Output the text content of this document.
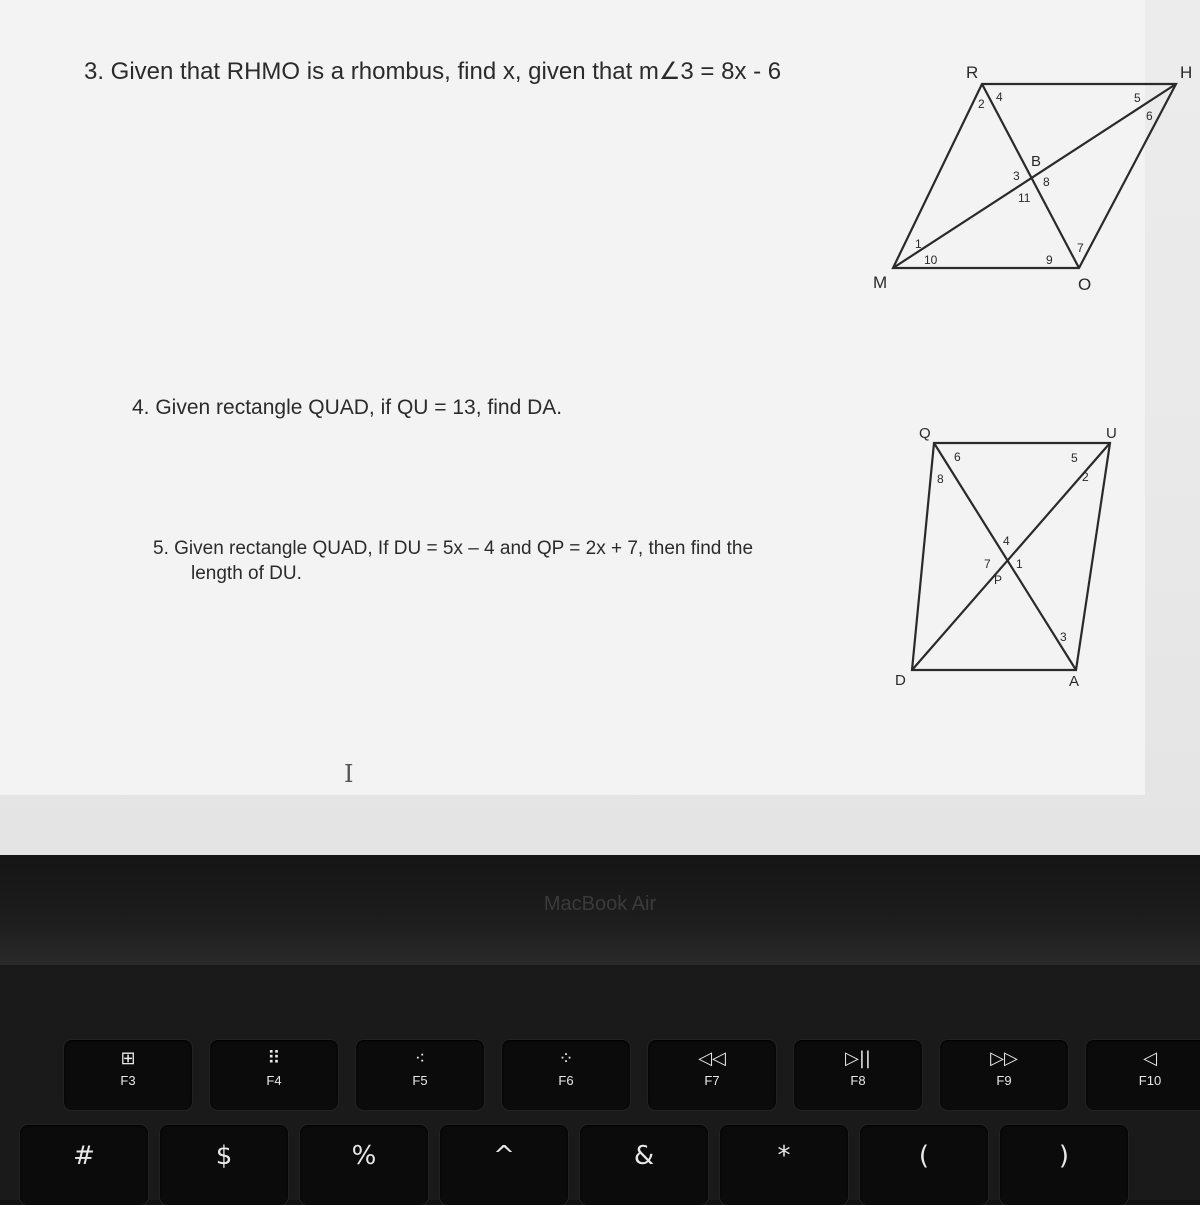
3. Given that RHMO is a rhombus, find x, given that m∠3 = 8x - 6

4. Given rectangle QUAD, if QU = 13, find DA.

5. Given rectangle QUAD, If DU = 5x – 4 and QP = 2x + 7, then find the
length of DU.
R	H
M	O
B
1
2
3
4	5
6
7
8
9
10
11
Q	U
D	A
P
1
2
3
4
5
6
7
8
I
MacBook Air
⊞
F3
⠿
F4
⁖
F5
⁘
F6
◁◁
F7
▷||
F8
▷▷
F9
◁
F10
#	$	%	^	&	*	(	)
